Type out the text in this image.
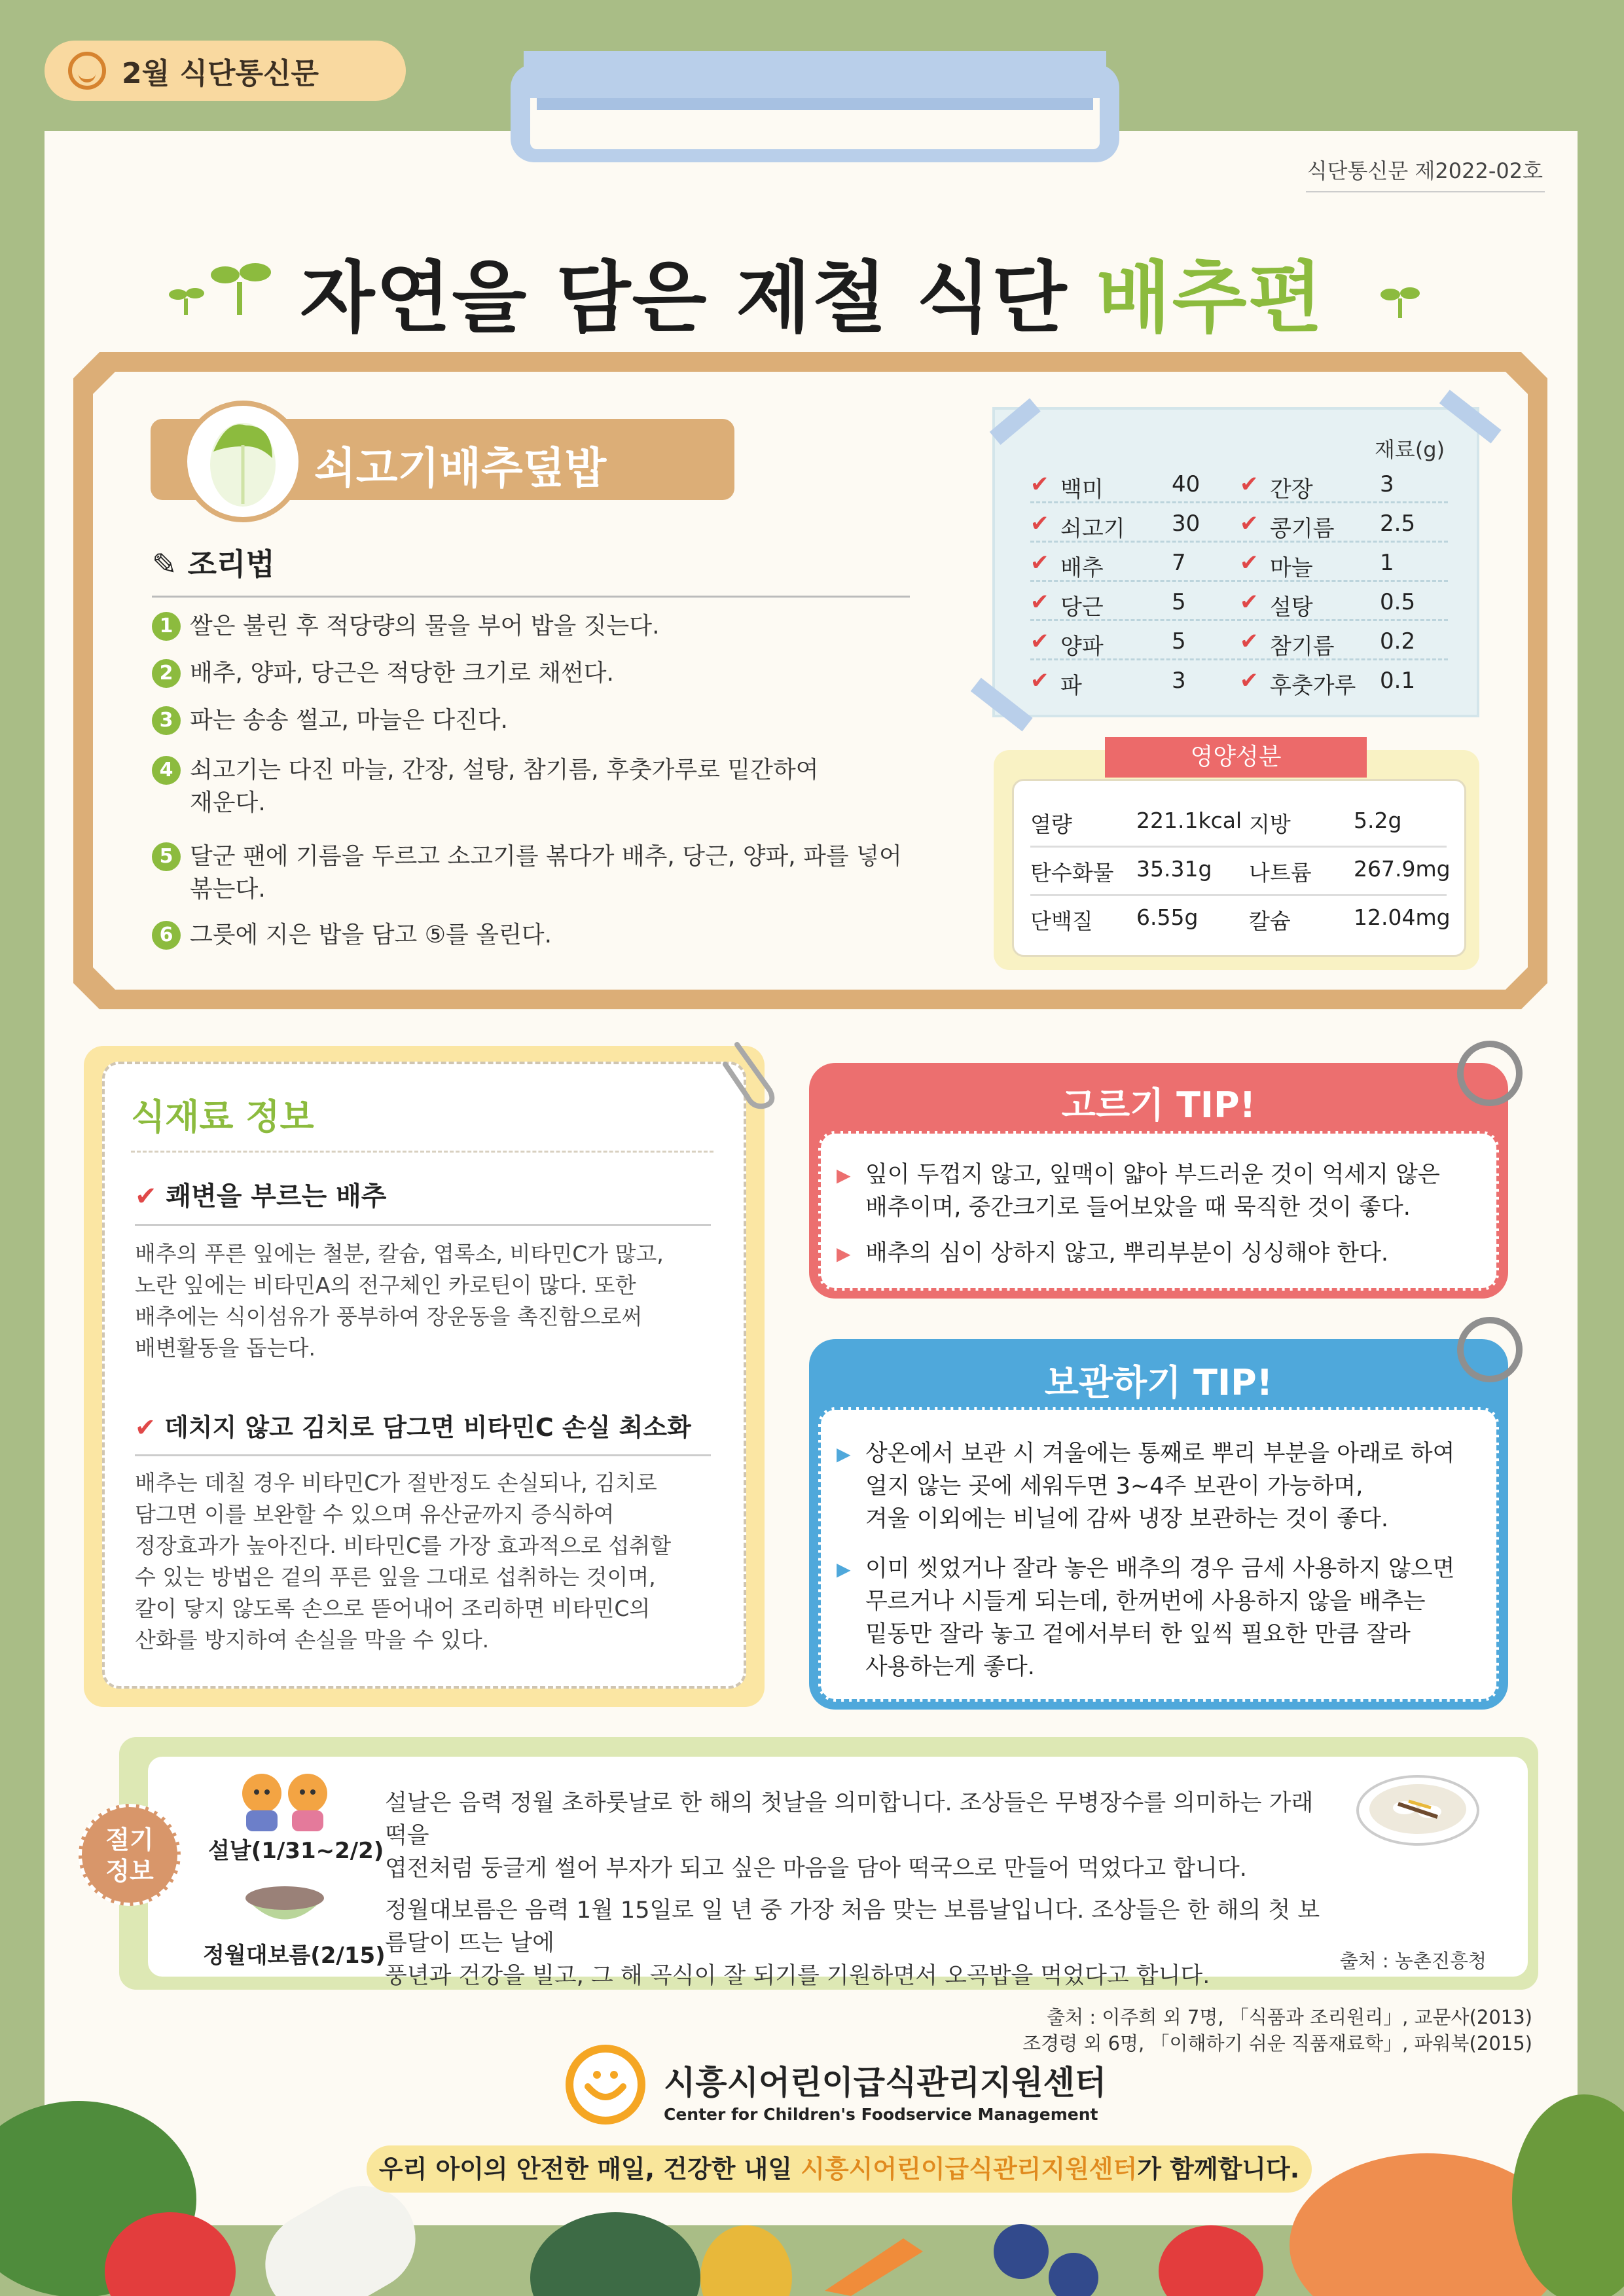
2월 식단통신문
식단통신문 제2022-02호
자연을 담은 제철 식단 배추편
쇠고기배추덮밥
✎ 조리법
1 쌀은 불린 후 적당량의 물을 부어 밥을 짓는다.
2 배추, 양파, 당근은 적당한 크기로 채썬다.
3 파는 송송 썰고, 마늘은 다진다.
4 쇠고기는 다진 마늘, 간장, 설탕, 참기름, 후춧가루로 밑간하여 재운다.
5 달군 팬에 기름을 두르고 소고기를 볶다가 배추, 당근, 양파, 파를 넣어 볶는다.
6 그릇에 지은 밥을 담고 ⑤를 올린다.
재료(g)
✔ 백미	40 ✔ 간장	3
✔ 쇠고기 30 ✔ 콩기름 2.5
✔ 배추	7 ✔ 마늘	1
✔ 당근	5 ✔ 설탕	0.5
✔ 양파	5 ✔ 참기름 0.2
✔ 파	3 ✔ 후춧가루 0.1
영양성분
열량	221.1kcal 지방	5.2g
탄수화물 35.31g 나트륨 267.9mg
단백질 6.55g 칼슘	12.04mg
식재료 정보
✔ 쾌변을 부르는 배추
배추의 푸른 잎에는 철분, 칼슘, 엽록소, 비타민C가 많고,
노란 잎에는 비타민A의 전구체인 카로틴이 많다. 또한
배추에는 식이섬유가 풍부하여 장운동을 촉진함으로써
배변활동을 돕는다.
✔ 데치지 않고 김치로 담그면 비타민C 손실 최소화
배추는 데칠 경우 비타민C가 절반정도 손실되나, 김치로
담그면 이를 보완할 수 있으며 유산균까지 증식하여
정장효과가 높아진다. 비타민C를 가장 효과적으로 섭취할
수 있는 방법은 겉의 푸른 잎을 그대로 섭취하는 것이며,
칼이 닿지 않도록 손으로 뜯어내어 조리하면 비타민C의
산화를 방지하여 손실을 막을 수 있다.
고르기 TIP!
▶ 잎이 두껍지 않고, 잎맥이 얇아 부드러운 것이 억세지 않은
배추이며, 중간크기로 들어보았을 때 묵직한 것이 좋다.
▶ 배추의 심이 상하지 않고, 뿌리부분이 싱싱해야 한다.
보관하기 TIP!
▶ 상온에서 보관 시 겨울에는 통째로 뿌리 부분을 아래로 하여
얼지 않는 곳에 세워두면 3~4주 보관이 가능하며,
겨울 이외에는 비닐에 감싸 냉장 보관하는 것이 좋다.
▶ 이미 씻었거나 잘라 놓은 배추의 경우 금세 사용하지 않으면
무르거나 시들게 되는데, 한꺼번에 사용하지 않을 배추는
밑동만 잘라 놓고 겉에서부터 한 잎씩 필요한 만큼 잘라
사용하는게 좋다.
절기
정보
설날(1/31~2/2)
정월대보름(2/15)
설날은 음력 정월 초하룻날로 한 해의 첫날을 의미합니다. 조상들은 무병장수를 의미하는 가래떡을
엽전처럼 둥글게 썰어 부자가 되고 싶은 마음을 담아 떡국으로 만들어 먹었다고 합니다.
정월대보름은 음력 1월 15일로 일 년 중 가장 처음 맞는 보름날입니다. 조상들은 한 해의 첫 보름달이 뜨는 날에
풍년과 건강을 빌고, 그 해 곡식이 잘 되기를 기원하면서 오곡밥을 먹었다고 합니다.
출처 : 농촌진흥청
출처 : 이주희 외 7명, 「식품과 조리원리」, 교문사(2013)
조경령 외 6명, 「이해하기 쉬운 직품재료학」, 파워북(2015)
시흥시어린이급식관리지원센터
Center for Children's Foodservice Management
우리 아이의 안전한 매일, 건강한 내일 시흥시어린이급식관리지원센터가 함께합니다.
